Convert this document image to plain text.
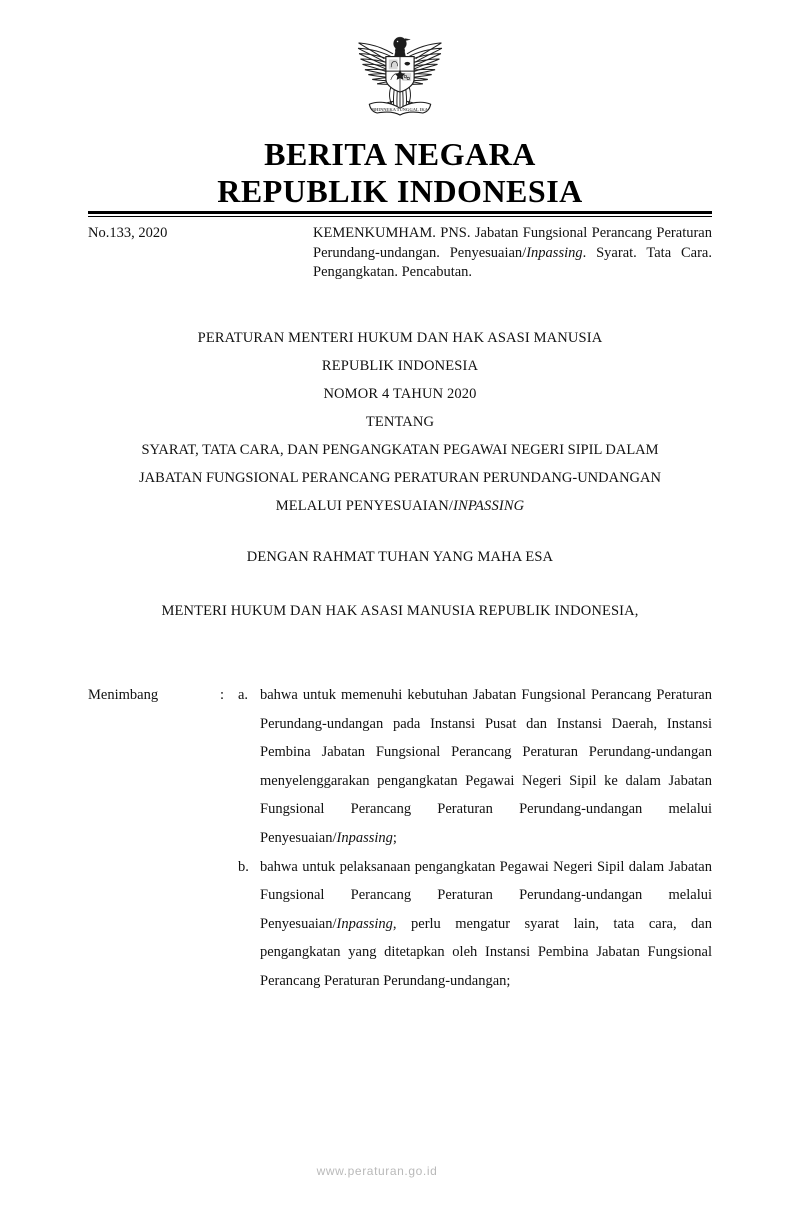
BHINNEKA TUNGGAL IKA
BERITA NEGARA
REPUBLIK INDONESIA
No.133, 2020	KEMENKUMHAM. PNS. Jabatan Fungsional Perancang Peraturan Perundang-undangan. Penyesuaian/Inpassing. Syarat. Tata Cara. Pengangkatan. Pencabutan.
PERATURAN MENTERI HUKUM DAN HAK ASASI MANUSIA
REPUBLIK INDONESIA
NOMOR 4 TAHUN 2020
TENTANG
SYARAT, TATA CARA, DAN PENGANGKATAN PEGAWAI NEGERI SIPIL DALAM
JABATAN FUNGSIONAL PERANCANG PERATURAN PERUNDANG-UNDANGAN
MELALUI PENYESUAIAN/INPASSING
DENGAN RAHMAT TUHAN YANG MAHA ESA
MENTERI HUKUM DAN HAK ASASI MANUSIA REPUBLIK INDONESIA,
Menimbang	: a. bahwa untuk memenuhi kebutuhan Jabatan Fungsional Perancang Peraturan Perundang-undangan pada Instansi Pusat dan Instansi Daerah, Instansi Pembina Jabatan Fungsional Perancang Peraturan Perundang-undangan menyelenggarakan pengangkatan Pegawai Negeri Sipil ke dalam Jabatan Fungsional Perancang Peraturan Perundang-undangan melalui Penyesuaian/Inpassing;
b. bahwa untuk pelaksanaan pengangkatan Pegawai Negeri Sipil dalam Jabatan Fungsional Perancang Peraturan Perundang-undangan melalui Penyesuaian/Inpassing, perlu mengatur syarat lain, tata cara, dan pengangkatan yang ditetapkan oleh Instansi Pembina Jabatan Fungsional Perancang Peraturan Perundang-undangan;
www.peraturan.go.id
